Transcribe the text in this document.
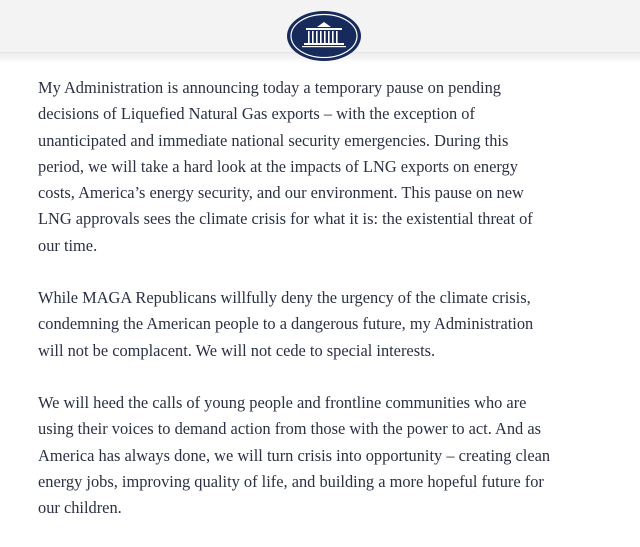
My Administration is announcing today a temporary pause on pending
decisions of Liquefied Natural Gas exports – with the exception of
unanticipated and immediate national security emergencies. During this
period, we will take a hard look at the impacts of LNG exports on energy
costs, America’s energy security, and our environment. This pause on new
LNG approvals sees the climate crisis for what it is: the existential threat of
our time.

While MAGA Republicans willfully deny the urgency of the climate crisis,
condemning the American people to a dangerous future, my Administration
will not be complacent. We will not cede to special interests.

We will heed the calls of young people and frontline communities who are
using their voices to demand action from those with the power to act. And as
America has always done, we will turn crisis into opportunity – creating clean
energy jobs, improving quality of life, and building a more hopeful future for
our children.
